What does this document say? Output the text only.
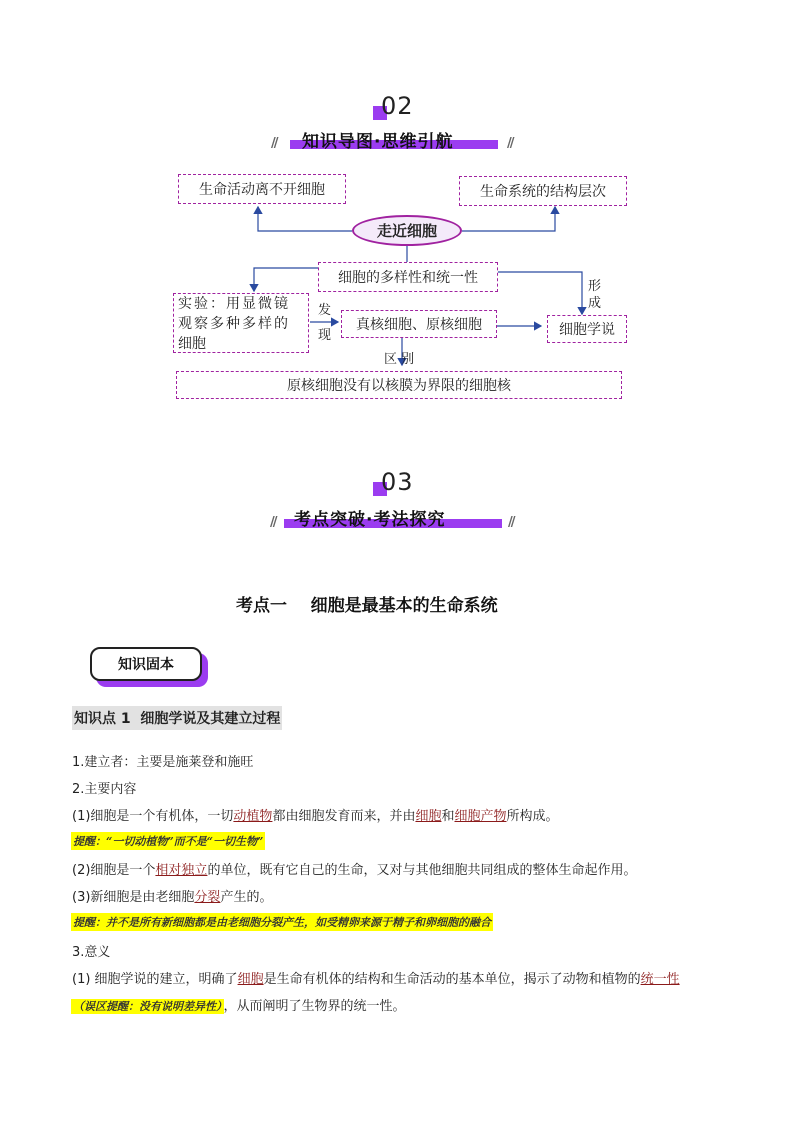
02
// 知识导图·思维引航	//
生命活动离不开细胞	生命系统的结构层次
走近细胞
细胞的多样性和统一性
实验：用显微镜
观察多种多样的
细胞
发
现
真核细胞、原核细胞
形
成
细胞学说
区 别
原核细胞没有以核膜为界限的细胞核
03
// 考点突破·考法探究	//
考点一    细胞是最基本的生命系统
知识固本
知识点 1  细胞学说及其建立过程
1.建立者：主要是施莱登和施旺
2.主要内容
(1)细胞是一个有机体，一切动植物都由细胞发育而来，并由细胞和细胞产物所构成。
提醒：“一切动植物”而不是“一切生物”
(2)细胞是一个相对独立的单位，既有它自己的生命，又对与其他细胞共同组成的整体生命起作用。
(3)新细胞是由老细胞分裂产生的。
提醒：并不是所有新细胞都是由老细胞分裂产生，如受精卵来源于精子和卵细胞的融合
3.意义
(1) 细胞学说的建立，明确了细胞是生命有机体的结构和生命活动的基本单位，揭示了动物和植物的统一性
（误区提醒：没有说明差异性） ，从而阐明了生物界的统一性。
